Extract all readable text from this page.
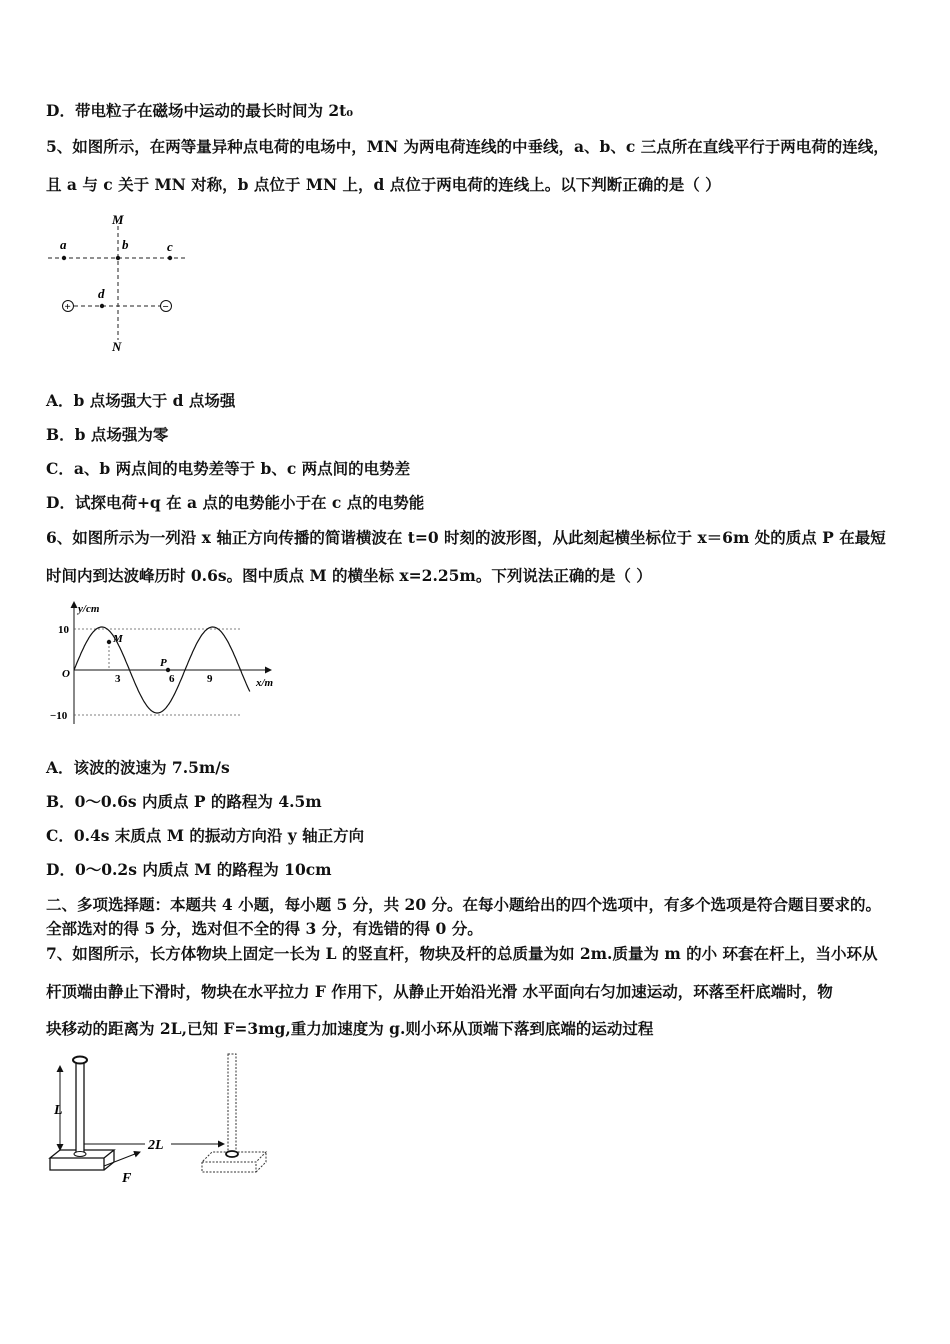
D．带电粒子在磁场中运动的最长时间为 2t₀
5、如图所示，在两等量异种点电荷的电场中，MN 为两电荷连线的中垂线，a、b、c 三点所在直线平行于两电荷的连线，
且 a 与 c 关于 MN 对称，b 点位于 MN 上，d 点位于两电荷的连线上。以下判断正确的是（ ）
M
N
a	b	c
d
+	−
A．b 点场强大于 d 点场强
B．b 点场强为零
C．a、b 两点间的电势差等于 b、c 两点间的电势差
D．试探电荷+q 在 a 点的电势能小于在 c 点的电势能
6、如图所示为一列沿 x 轴正方向传播的简谐横波在 t=0 时刻的波形图，从此刻起横坐标位于 x＝6m 处的质点 P 在最短
时间内到达波峰历时 0.6s。图中质点 M 的横坐标 x=2.25m。下列说法正确的是（ ）
y/cm
x/m
O
10
−10
M
P
3	6	9
A．该波的波速为 7.5m/s
B．0～0.6s 内质点 P 的路程为 4.5m
C．0.4s 末质点 M 的振动方向沿 y 轴正方向
D．0～0.2s 内质点 M 的路程为 10cm
二、多项选择题：本题共 4 小题，每小题 5 分，共 20 分。在每小题给出的四个选项中，有多个选项是符合题目要求的。
全部选对的得 5 分，选对但不全的得 3 分，有选错的得 0 分。
7、如图所示，长方体物块上固定一长为 L 的竖直杆，物块及杆的总质量为如 2m.质量为 m 的小 环套在杆上，当小环从
杆顶端由静止下滑时，物块在水平拉力 F 作用下，从静止开始沿光滑 水平面向右匀加速运动，环落至杆底端时，物
块移动的距离为 2L,已知 F=3mg,重力加速度为 g.则小环从顶端下落到底端的运动过程
L
F
2L
